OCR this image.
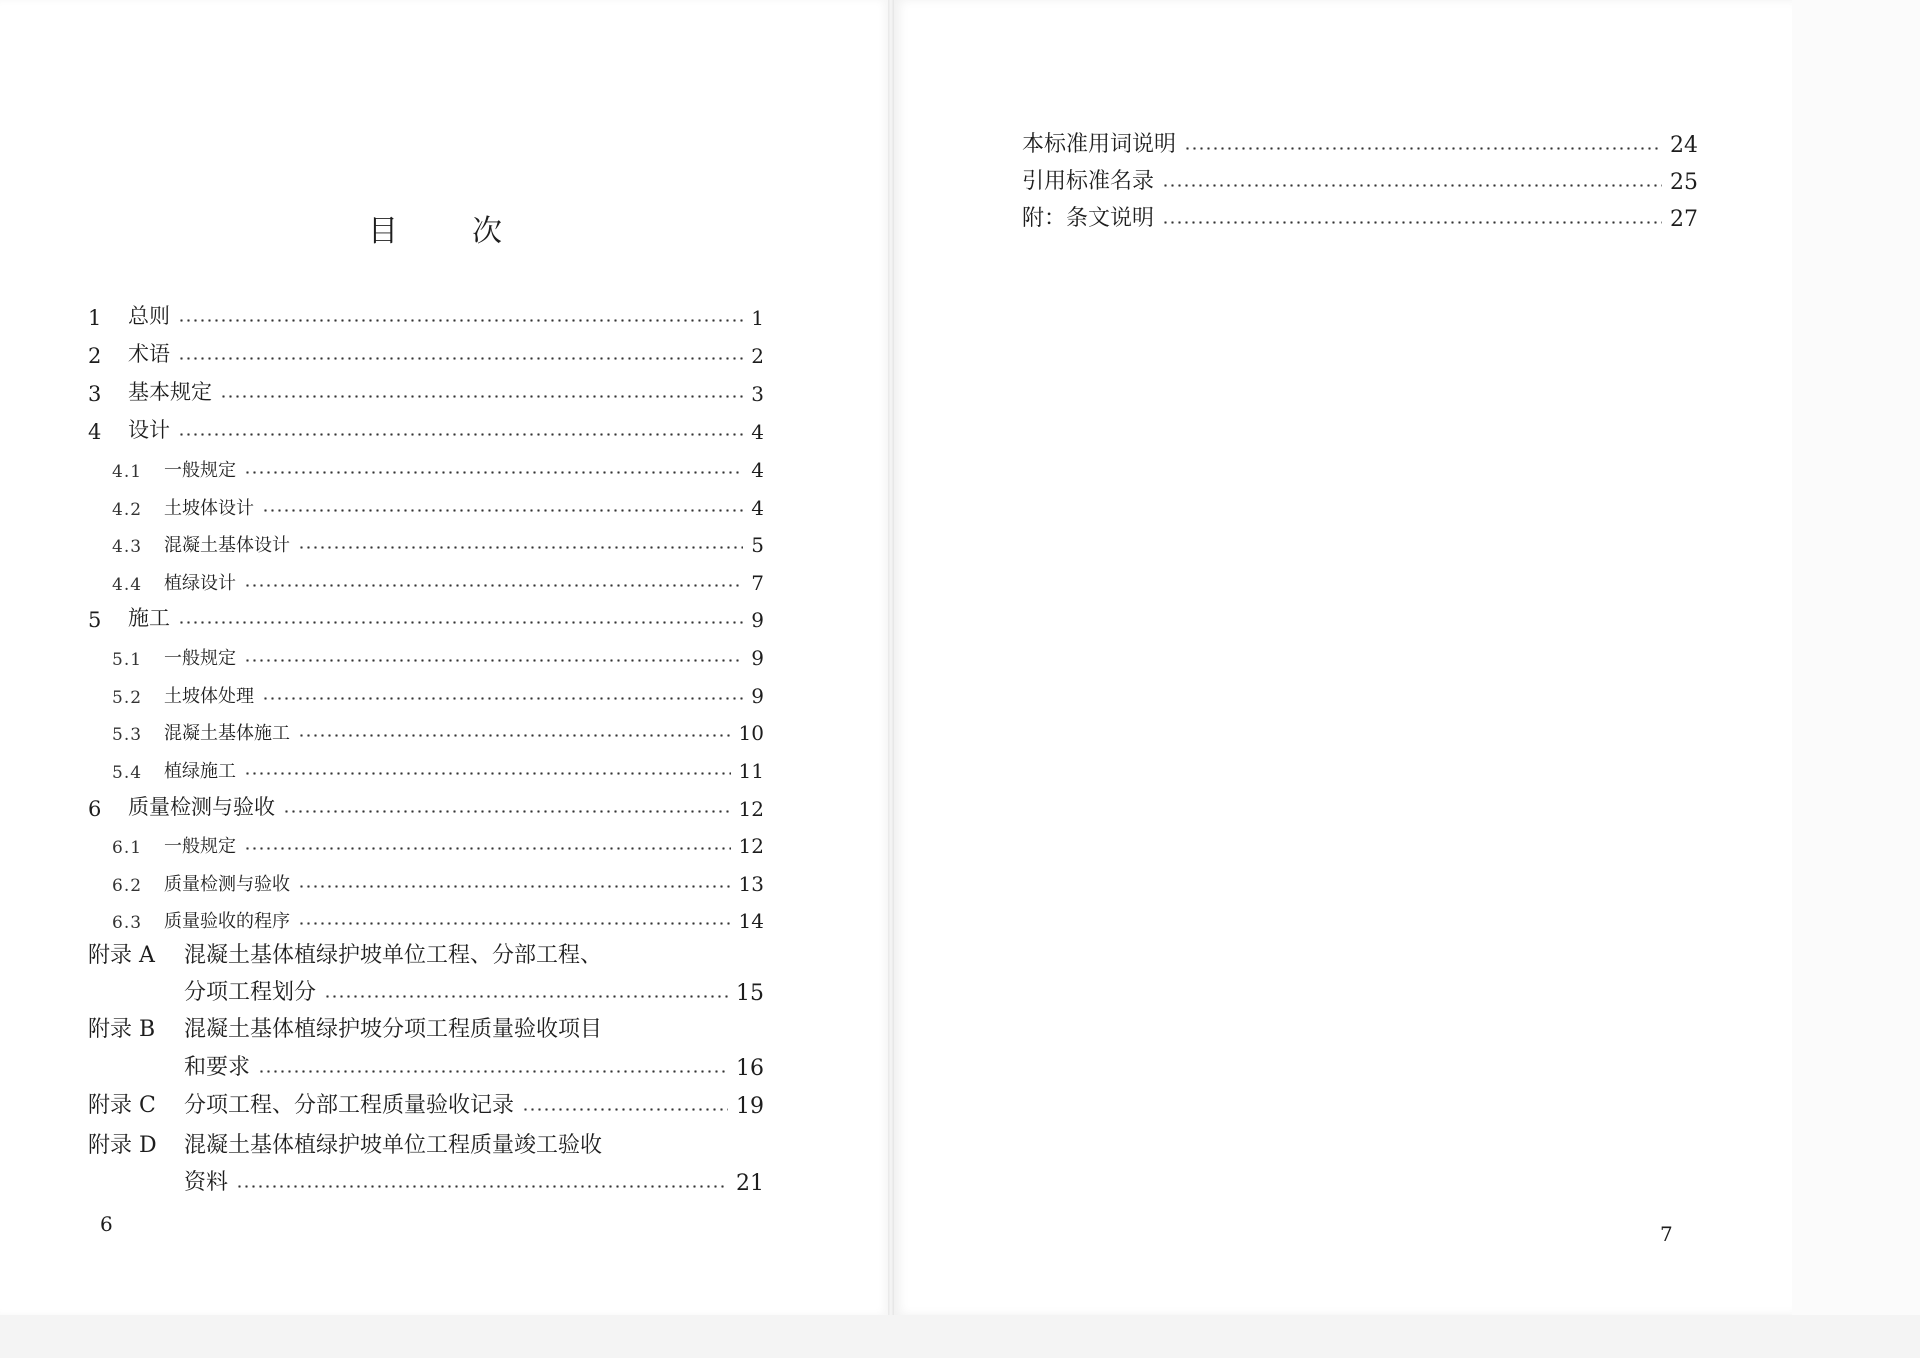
目 次
1	总则	1
2	术语	2
3	基本规定	3
4	设计	4
4.1	一般规定	4
4.2	土坡体设计	4
4.3	混凝土基体设计	5
4.4	植绿设计	7
5	施工	9
5.1	一般规定	9
5.2	土坡体处理	9
5.3	混凝土基体施工	10
5.4	植绿施工	11
6	质量检测与验收	12
6.1	一般规定	12
6.2	质量检测与验收	13
6.3	质量验收的程序	14
附录 A	混凝土基体植绿护坡单位工程、分部工程、
分项工程划分	15
附录 B	混凝土基体植绿护坡分项工程质量验收项目
和要求	16
附录 C	分项工程、分部工程质量验收记录	19
附录 D	混凝土基体植绿护坡单位工程质量竣工验收
资料	21
6
本标准用词说明	24
引用标准名录	25
附：条文说明	27
7
